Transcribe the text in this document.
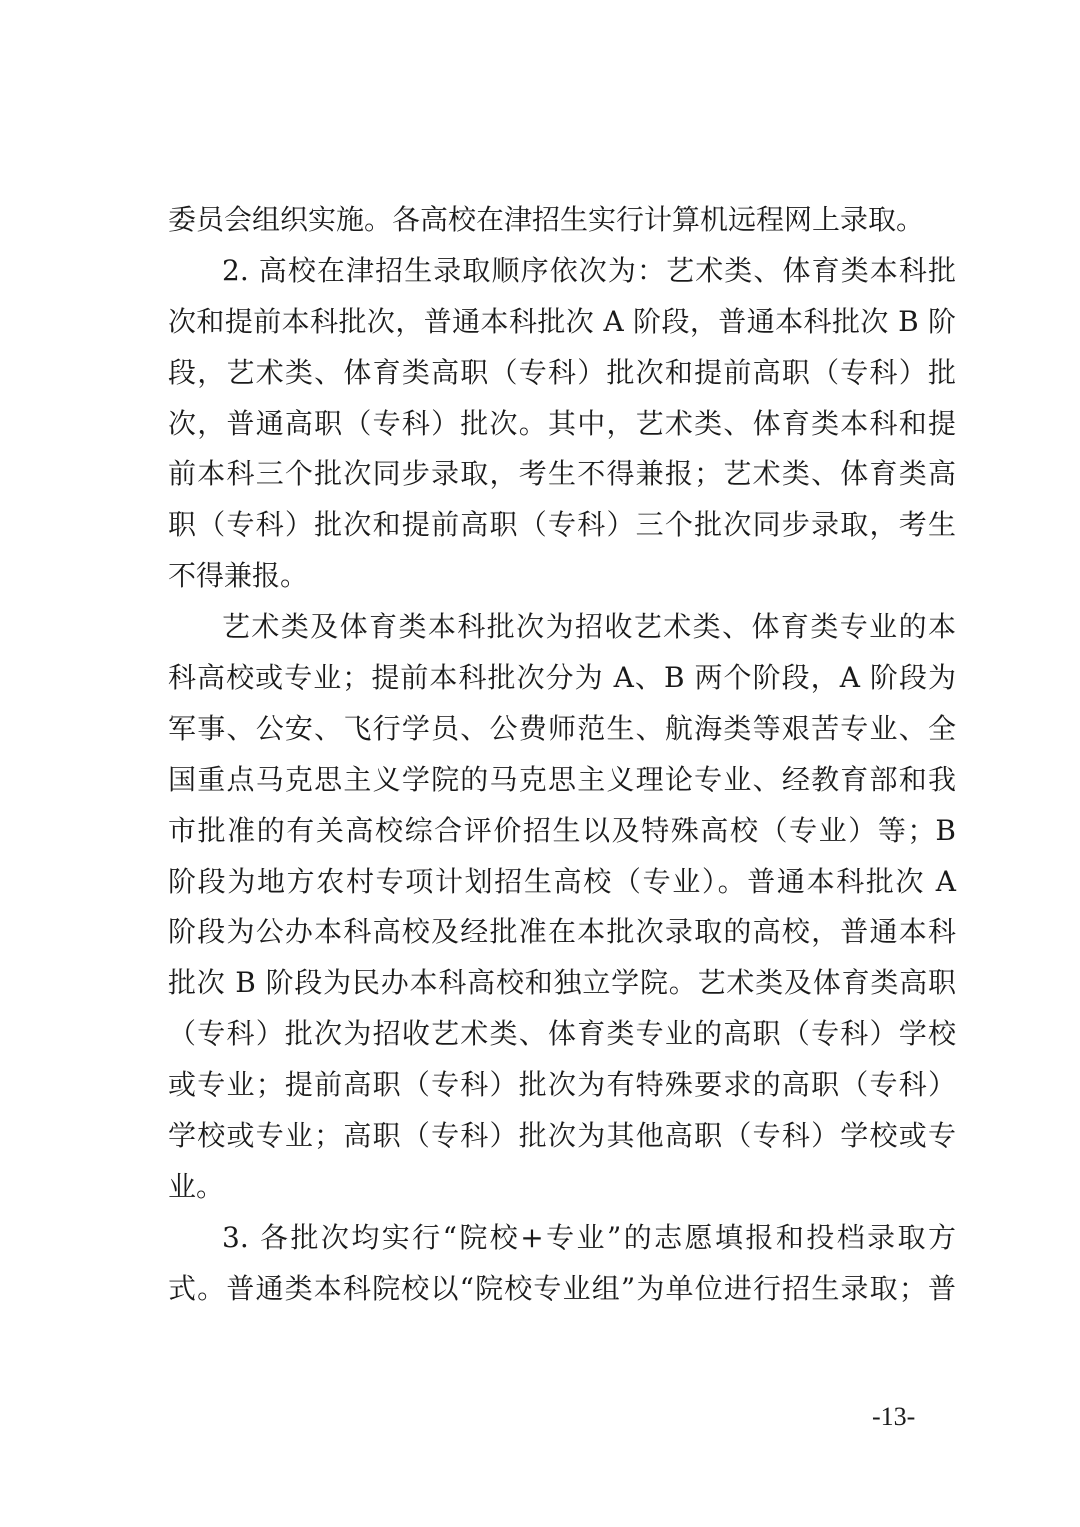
委员会组织实施。各高校在津招生实行计算机远程网上录取。
2. 高校在津招生录取顺序依次为：艺术类、体育类本科批
次和提前本科批次，普通本科批次 A 阶段，普通本科批次 B 阶
段，艺术类、体育类高职（专科）批次和提前高职（专科）批
次，普通高职（专科）批次。其中，艺术类、体育类本科和提
前本科三个批次同步录取，考生不得兼报；艺术类、体育类高
职（专科）批次和提前高职（专科）三个批次同步录取，考生
不得兼报。
艺术类及体育类本科批次为招收艺术类、体育类专业的本
科高校或专业；提前本科批次分为 A、B 两个阶段，A 阶段为
军事、公安、飞行学员、公费师范生、航海类等艰苦专业、全
国重点马克思主义学院的马克思主义理论专业、经教育部和我
市批准的有关高校综合评价招生以及特殊高校（专业）等；B
阶段为地方农村专项计划招生高校（专业）。普通本科批次 A
阶段为公办本科高校及经批准在本批次录取的高校，普通本科
批次 B 阶段为民办本科高校和独立学院。艺术类及体育类高职
（专科）批次为招收艺术类、体育类专业的高职（专科）学校
或专业；提前高职（专科）批次为有特殊要求的高职（专科）
学校或专业；高职（专科）批次为其他高职（专科）学校或专
业。
3. 各批次均实行“院校+专业”的志愿填报和投档录取方
式。普通类本科院校以“院校专业组”为单位进行招生录取；普
-13-
